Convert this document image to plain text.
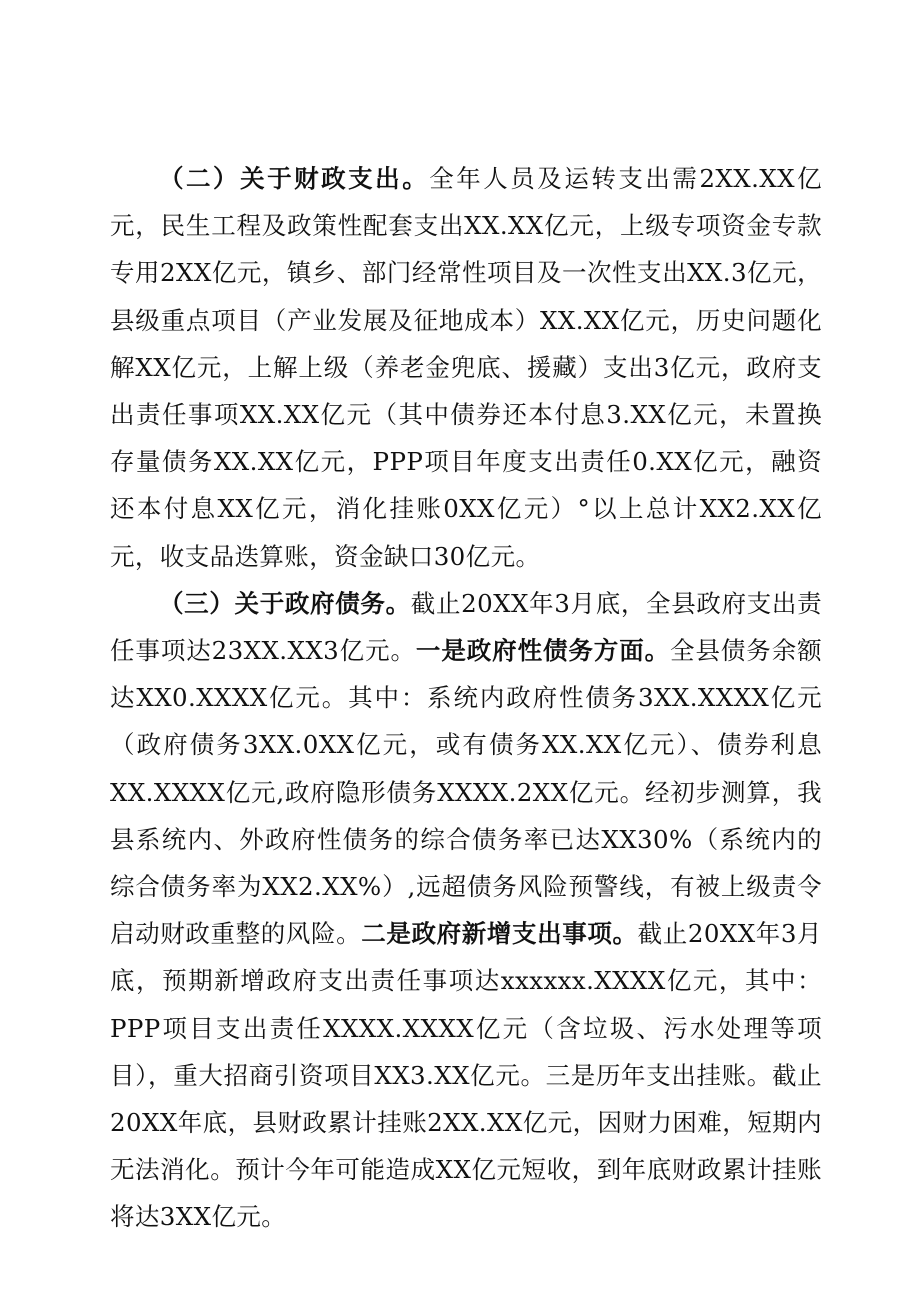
（二）关于财政支出。全年人员及运转支出需2XX.XX亿元，民生工程及政策性配套支出XX.XX亿元，上级专项资金专款专用2XX亿元，镇乡、部门经常性项目及一次性支出XX.3亿元，县级重点项目（产业发展及征地成本）XX.XX亿元，历史问题化解XX亿元，上解上级（养老金兜底、援藏）支出3亿元，政府支出责任事项XX.XX亿元（其中债券还本付息3.XX亿元，未置换存量债务XX.XX亿元，PPP项目年度支出责任0.XX亿元，融资还本付息XX亿元，消化挂账0XX亿元）°以上总计XX2.XX亿元，收支品迭算账，资金缺口30亿元。

（三）关于政府债务。截止20XX年3月底，全县政府支出责任事项达23XX.XX3亿元。一是政府性债务方面。全县债务余额达XX0.XXXX亿元。其中：系统内政府性债务3XX.XXXX亿元（政府债务3XX.0XX亿元，或有债务XX.XX亿元）、债券利息XX.XXXX亿元,政府隐形债务XXXX.2XX亿元。经初步测算，我县系统内、外政府性债务的综合债务率已达XX30%（系统内的综合债务率为XX2.XX%）,远超债务风险预警线，有被上级责令启动财政重整的风险。二是政府新增支出事项。截止20XX年3月底，预期新增政府支出责任事项达xxxxxx.XXXX亿元，其中：PPP项目支出责任XXXX.XXXX亿元（含垃圾、污水处理等项目），重大招商引资项目XX3.XX亿元。三是历年支出挂账。截止20XX年底，县财政累计挂账2XX.XX亿元，因财力困难，短期内无法消化。预计今年可能造成XX亿元短收，到年底财政累计挂账将达3XX亿元。
